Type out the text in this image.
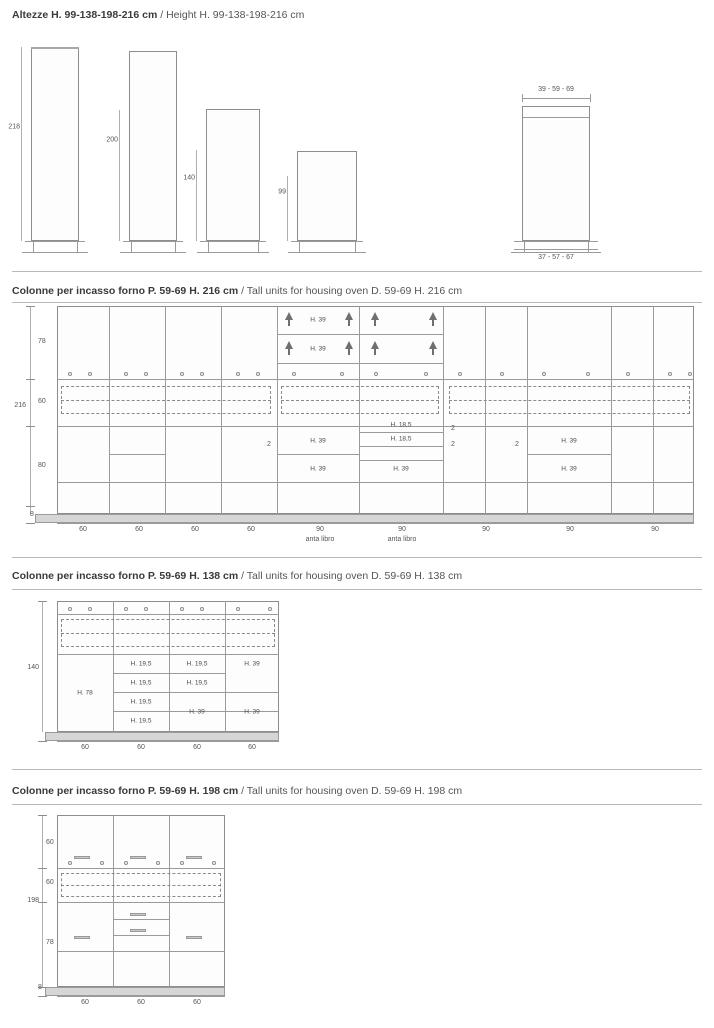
Altezze H. 99-138-198-216 cm / Height H. 99-138-198-216 cm
218
200
140
99
39 - 59 - 69
37 - 57 - 67
Colonne per incasso forno P. 59-69 H. 216 cm / Tall units for housing oven D. 59-69 H. 216 cm
H. 39
H. 39
H. 39
H. 39
H. 18,5
H. 18,5
H. 39
H. 39
H. 39
2
2
2	2
78
216
60
80
8
60	60	60	60	90	90	90	90	90
anta libro	anta libro
Colonne per incasso forno P. 59-69 H. 138 cm / Tall units for housing oven D. 59-69 H. 138 cm
H. 78
H. 19,5	H. 19,5
H. 19,5	H. 19,5
H. 19,5
H. 19,5
H. 39
H. 39	H. 39
140
60	60	60	60
Colonne per incasso forno P. 59-69 H. 198 cm / Tall units for housing oven D. 59-69 H. 198 cm
60
198
60
78
8
60	60	60
